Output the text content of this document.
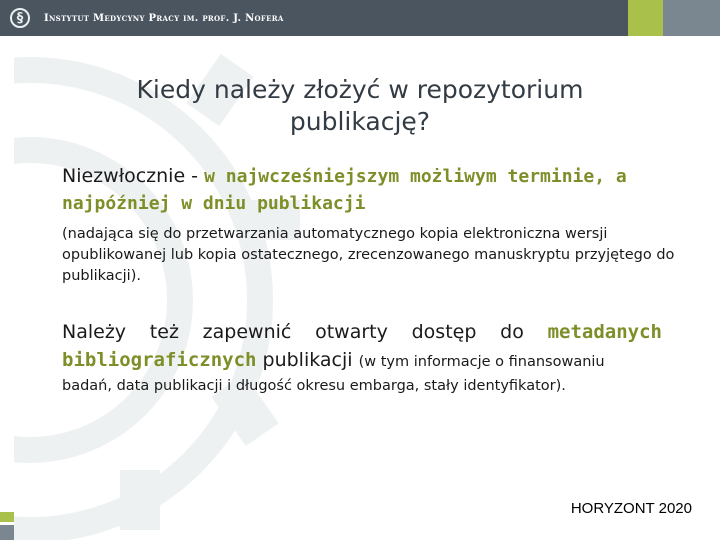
§	Instytut Medycyny Pracy im. prof. J. Nofera
Kiedy należy złożyć w repozytorium publikację?
Niezwłocznie - w najwcześniejszym możliwym terminie, a najpóźniej w dniu publikacji
(nadająca się do przetwarzania automatycznego kopia elektroniczna wersji opublikowanej lub kopia ostatecznego, zrecenzowanego manuskryptu przyjętego do publikacji).
Należy też zapewnić otwarty dostęp do metadanych bibliograficznych publikacji (w tym informacje o finansowaniu
badań, data publikacji i długość okresu embarga, stały identyfikator).
HORYZONT 2020
